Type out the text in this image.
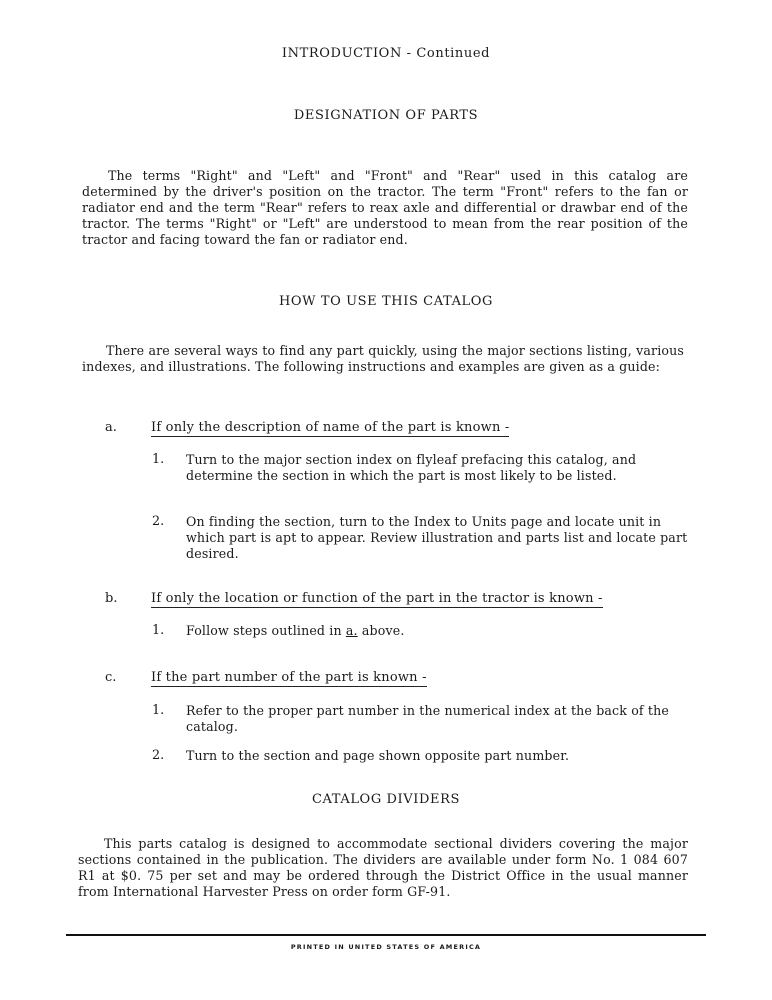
INTRODUCTION - Continued
DESIGNATION OF PARTS
The terms "Right" and "Left" and "Front" and "Rear" used in this catalog are determined by the driver's position on the tractor. The term "Front" refers to the fan or radiator end and the term "Rear" refers to reax axle and differential or drawbar end of the tractor. The terms "Right" or "Left" are understood to mean from the rear position of the tractor and facing toward the fan or radiator end.
HOW TO USE THIS CATALOG
There are several ways to find any part quickly, using the major sections listing, various indexes, and illustrations. The following instructions and examples are given as a guide:
a.	If only the description of name of the part is known -
1. Turn to the major section index on flyleaf prefacing this catalog, and determine the section in which the part is most likely to be listed.
2. On finding the section, turn to the Index to Units page and locate unit in which part is apt to appear. Review illustration and parts list and locate part desired.
b.	If only the location or function of the part in the tractor is known -
1. Follow steps outlined in a. above.
c.	If the part number of the part is known -
1. Refer to the proper part number in the numerical index at the back of the catalog.
2. Turn to the section and page shown opposite part number.
CATALOG DIVIDERS
This parts catalog is designed to accommodate sectional dividers covering the major sections contained in the publication. The dividers are available under form No. 1 084 607 R1 at $0. 75 per set and may be ordered through the District Office in the usual manner from International Harvester Press on order form GF-91.
PRINTED IN UNITED STATES OF AMERICA
